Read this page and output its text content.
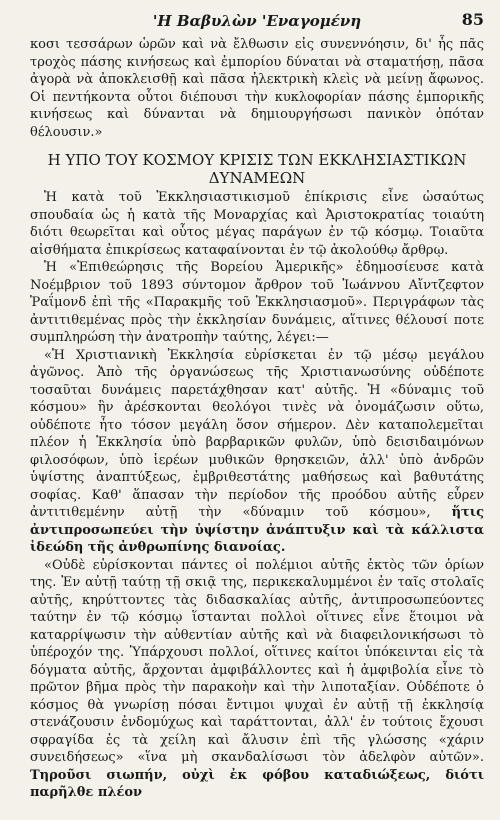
'Η Βαβυλὼν 'Εναγομένη	85

κοσι τεσσάρων ὡρῶν καὶ νὰ ἔλθωσιν εἰς συνεννόησιν, δι' ἧς πᾶς τροχὸς πάσης κινήσεως καὶ ἐμπορίου δύναται νὰ σταματήσῃ, πᾶσα ἀγορὰ νὰ ἀποκλεισθῇ καὶ πᾶσα ἠλεκτρικὴ κλεὶς νὰ μείνῃ ἄφωνος. Οἱ πεντήκοντα οὗτοι διέπουσι τὴν κυκλοφορίαν πάσης ἐμπορικῆς κινήσεως καὶ δύνανται νὰ δημιουργήσωσι πανικὸν ὁπόταν θέλουσιν.»

Η ΥΠΟ ΤΟΥ ΚΟΣΜΟΥ ΚΡΙΣΙΣ ΤΩΝ ΕΚΚΛΗΣΙΑΣΤΙΚΩΝ ΔΥΝΑΜΕΩΝ

Ἡ κατὰ τοῦ Ἐκκλησιαστικισμοῦ ἐπίκρισις εἶνε ὡσαύτως σπουδαία ὡς ἡ κατὰ τῆς Μοναρχίας καὶ Ἀριστοκρατίας τοιαύτη διότι θεωρεῖται καὶ οὗτος μέγας παράγων ἐν τῷ κόσμῳ. Τοιαῦτα αἰσθήματα ἐπικρίσεως καταφαίνονται ἐν τῷ ἀκολούθῳ ἄρθρῳ.

Ἡ «Ἐπιθεώρησις τῆς Βορείου Ἀμερικῆς» ἐδημοσίευσε κατὰ Νοέμβριον τοῦ 1893 σύντομον ἄρθρον τοῦ Ἰωάννου Αἴντζεφτον Ῥαΐμονδ ἐπὶ τῆς «Παρακμῆς τοῦ Ἐκκλησιασμοῦ». Περιγράφων τὰς ἀντιτιθεμένας πρὸς τὴν ἐκκλησίαν δυνάμεις, αἵτινες θέλουσί ποτε συμπληρώση τὴν ἀνατροπὴν ταύτης, λέγει:—

«Ἡ Χριστιανικὴ Ἐκκλησία εὑρίσκεται ἐν τῷ μέσῳ μεγάλου ἀγῶνος. Ἀπὸ τῆς ὀργανώσεως τῆς Χριστιανωσύνης οὐδέποτε τοσαῦται δυνάμεις παρετάχθησαν κατ' αὐτῆς. Ἡ «δύναμις τοῦ κόσμου» ἣν ἀρέσκονται θεολόγοι τινὲς νὰ ὀνομάζωσιν οὕτω, οὐδέποτε ἦτο τόσον μεγάλη ὅσον σήμερον. Δὲν καταπολεμεῖται πλέον ἡ Ἐκκλησία ὑπὸ βαρβαρικῶν φυλῶν, ὑπὸ δεισιδαιμόνων φιλοσόφων, ὑπὸ ἱερέων μυθικῶν θρησκειῶν, ἀλλ' ὑπὸ ἀνδρῶν ὑψίστης ἀναπτύξεως, ἐμβριθεστάτης μαθήσεως καὶ βαθυτάτης σοφίας. Καθ' ἅπασαν τὴν περίοδον τῆς προόδου αὐτῆς εὗρεν ἀντιτιθεμένην αὐτῇ τὴν «δύναμιν τοῦ κόσμου», ἥτις ἀντιπροσωπεύει τὴν ὑψίστην ἀνάπτυξιν καὶ τὰ κάλλιστα ἰδεώδη τῆς ἀνθρωπίνης διανοίας.

«Οὐδὲ εὑρίσκονται πάντες οἱ πολέμιοι αὐτῆς ἐκτὸς τῶν ὁρίων της. Ἐν αὐτῇ ταύτῃ τῇ σκιᾷ της, περικεκαλυμμένοι ἐν ταῖς στολαῖς αὐτῆς, κηρύττοντες τὰς διδασκαλίας αὐτῆς, ἀντιπροσωπεύοντες ταύτην ἐν τῷ κόσμῳ ἵστανται πολλοὶ οἵτινες εἶνε ἕτοιμοι νὰ καταρρίψωσιν τὴν αὐθεντίαν αὐτῆς καὶ νὰ διαφειλονικήσωσι τὸ ὑπέροχόν της. Ὑπάρχουσι πολλοί, οἵτινες καίτοι ὑπόκεινται εἰς τὰ δόγματα αὐτῆς, ἄρχονται ἀμφιβάλλοντες καὶ ἡ ἀμφιβολία εἶνε τὸ πρῶτον βῆμα πρὸς τὴν παρακοὴν καὶ τὴν λιποταξίαν. Οὐδέποτε ὁ κόσμος θὰ γνωρίσῃ πόσαι ἔντιμοι ψυχαὶ ἐν αὐτῇ τῇ ἐκκλησίᾳ στενάζουσιν ἐνδομύχως καὶ ταράττονται, ἀλλ' ἐν τούτοις ἔχουσι σφραγίδα ἐς τὰ χείλη καὶ ἄλυσιν ἐπὶ τῆς γλώσσης «χάριν συνειδήσεως» «ἵνα μὴ σκανδαλίσωσι τὸν ἀδελφὸν αὐτῶν». Τηροῦσι σιωπήν, οὐχὶ ἐκ φόβου καταδιώξεως, διότι παρῆλθε πλέον
